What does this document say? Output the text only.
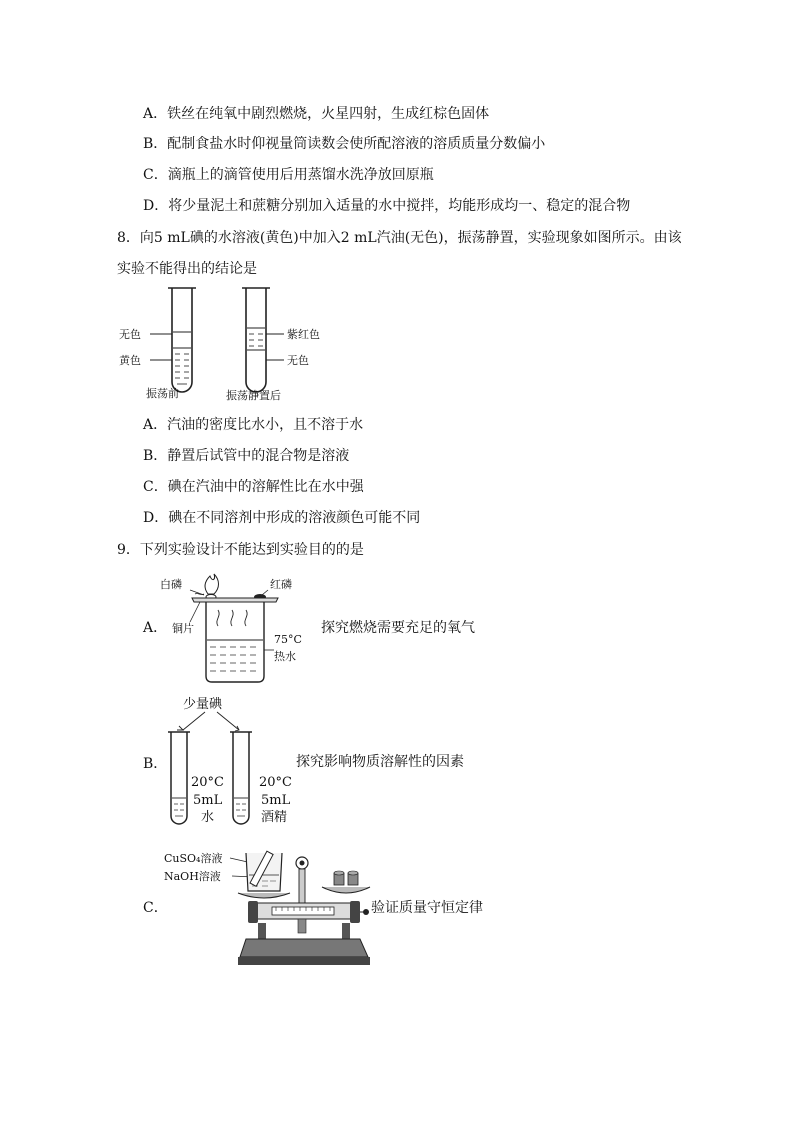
A．铁丝在纯氧中剧烈燃烧，火星四射，生成红棕色固体
B．配制食盐水时仰视量筒读数会使所配溶液的溶质质量分数偏小
C．滴瓶上的滴管使用后用蒸馏水洗净放回原瓶
D．将少量泥土和蔗糖分别加入适量的水中搅拌，均能形成均一、稳定的混合物
8．向5 mL碘的水溶液(黄色)中加入2 mL汽油(无色)，振荡静置，实验现象如图所示。由该
实验不能得出的结论是
无色
黄色
振荡前
紫红色
无色
振荡静置后
A．汽油的密度比水小，且不溶于水
B．静置后试管中的混合物是溶液
C．碘在汽油中的溶解性比在水中强
D．碘在不同溶剂中形成的溶液颜色可能不同
9．下列实验设计不能达到实验目的的是
A．
白磷	红磷
铜片
75°C
热水
探究燃烧需要充足的氧气
B．
少量碘
20°C
5mL
水
20°C
5mL
酒精
探究影响物质溶解性的因素
C．
CuSO₄溶液
NaOH溶液
验证质量守恒定律
